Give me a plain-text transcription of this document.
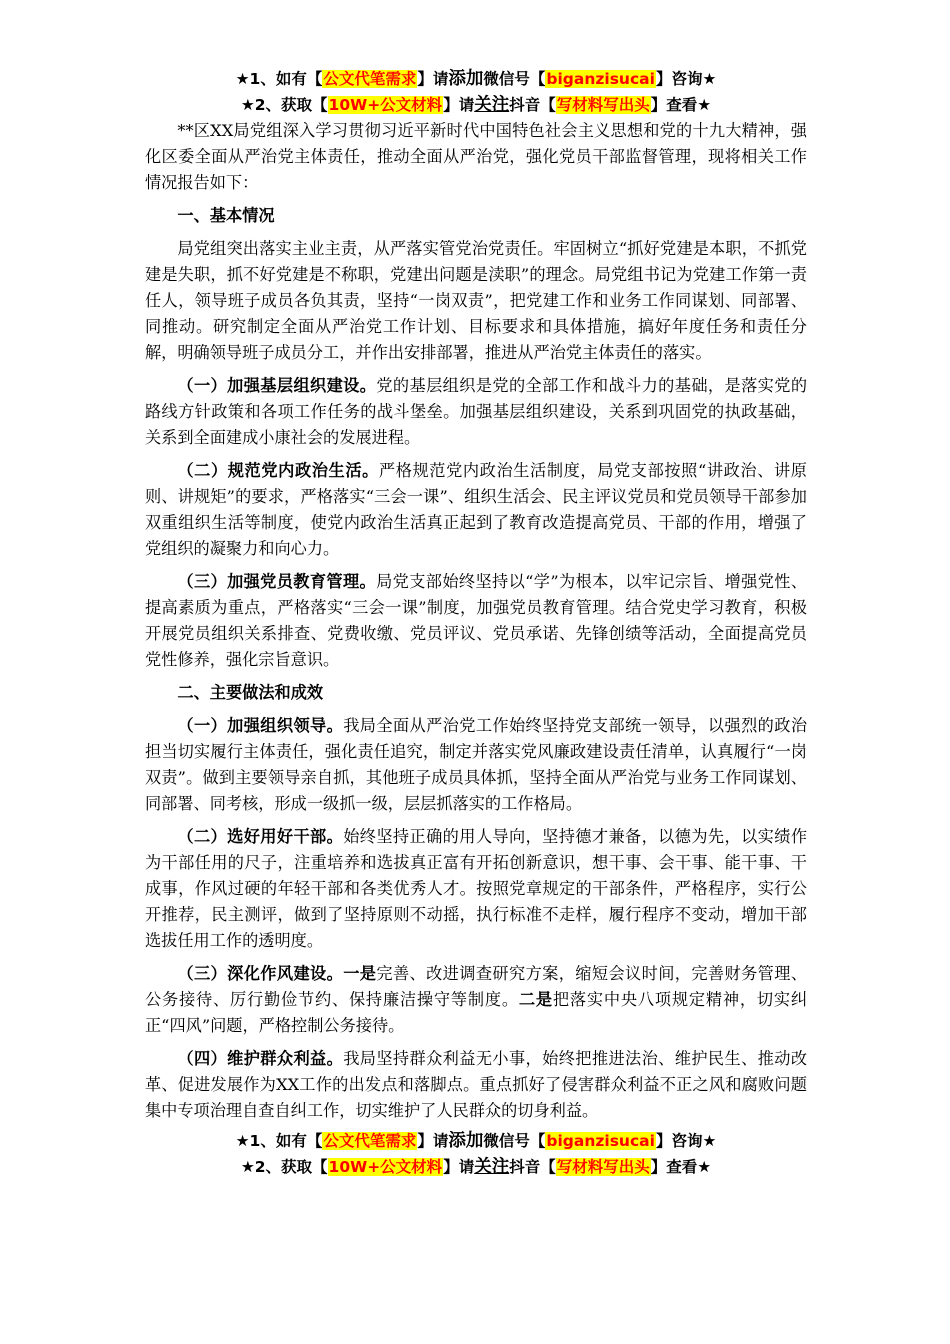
★1、如有【公文代笔需求】请添加微信号【biganzisucai】咨询★
★2、获取【10W+公文材料】请关注抖音【写材料写出头】查看★

**区XX局党组深入学习贯彻习近平新时代中国特色社会主义思想和党的十九大精神，强化区委全面从严治党主体责任，推动全面从严治党，强化党员干部监督管理，现将相关工作情况报告如下：

一、基本情况

局党组突出落实主业主责，从严落实管党治党责任。牢固树立“抓好党建是本职，不抓党建是失职，抓不好党建是不称职，党建出问题是渎职”的理念。局党组书记为党建工作第一责任人，领导班子成员各负其责，坚持“一岗双责”，把党建工作和业务工作同谋划、同部署、同推动。研究制定全面从严治党工作计划、目标要求和具体措施，搞好年度任务和责任分解，明确领导班子成员分工，并作出安排部署，推进从严治党主体责任的落实。

（一）加强基层组织建设。党的基层组织是党的全部工作和战斗力的基础，是落实党的路线方针政策和各项工作任务的战斗堡垒。加强基层组织建设，关系到巩固党的执政基础，关系到全面建成小康社会的发展进程。

（二）规范党内政治生活。严格规范党内政治生活制度，局党支部按照“讲政治、讲原则、讲规矩”的要求，严格落实“三会一课”、组织生活会、民主评议党员和党员领导干部参加双重组织生活等制度，使党内政治生活真正起到了教育改造提高党员、干部的作用，增强了党组织的凝聚力和向心力。

（三）加强党员教育管理。局党支部始终坚持以“学”为根本，以牢记宗旨、增强党性、提高素质为重点，严格落实“三会一课”制度，加强党员教育管理。结合党史学习教育，积极开展党员组织关系排查、党费收缴、党员评议、党员承诺、先锋创绩等活动，全面提高党员党性修养，强化宗旨意识。

二、主要做法和成效

（一）加强组织领导。我局全面从严治党工作始终坚持党支部统一领导，以强烈的政治担当切实履行主体责任，强化责任追究，制定并落实党风廉政建设责任清单，认真履行“一岗双责”。做到主要领导亲自抓，其他班子成员具体抓，坚持全面从严治党与业务工作同谋划、同部署、同考核，形成一级抓一级，层层抓落实的工作格局。

（二）选好用好干部。始终坚持正确的用人导向，坚持德才兼备，以德为先，以实绩作为干部任用的尺子，注重培养和选拔真正富有开拓创新意识，想干事、会干事、能干事、干成事，作风过硬的年轻干部和各类优秀人才。按照党章规定的干部条件，严格程序，实行公开推荐，民主测评，做到了坚持原则不动摇，执行标准不走样，履行程序不变动，增加干部选拔任用工作的透明度。

（三）深化作风建设。一是完善、改进调查研究方案，缩短会议时间，完善财务管理、公务接待、厉行勤俭节约、保持廉洁操守等制度。二是把落实中央八项规定精神，切实纠正“四风”问题，严格控制公务接待。

（四）维护群众利益。我局坚持群众利益无小事，始终把推进法治、维护民生、推动改革、促进发展作为XX工作的出发点和落脚点。重点抓好了侵害群众利益不正之风和腐败问题集中专项治理自查自纠工作，切实维护了人民群众的切身利益。

★1、如有【公文代笔需求】请添加微信号【biganzisucai】咨询★
★2、获取【10W+公文材料】请关注抖音【写材料写出头】查看★
